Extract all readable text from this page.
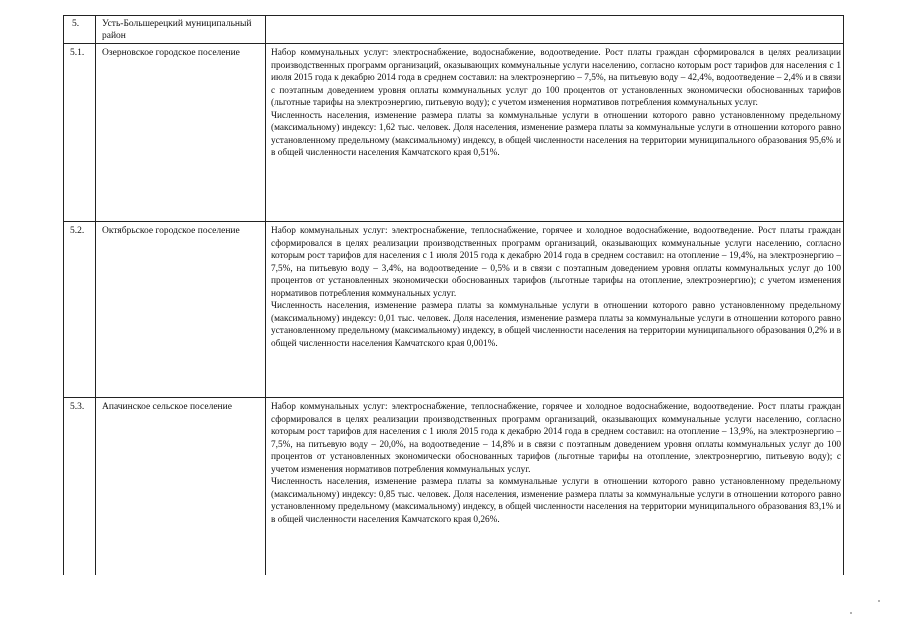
5. Усть-Большерецкий муниципальный район
5.1. Озерновское городское поселение	Набор коммунальных услуг: электроснабжение, водоснабжение, водоотведение. Рост платы граждан сформировался в целях реализации производственных программ организаций, оказывающих коммунальные услуги населению, согласно которым рост тарифов для населения с 1 июля 2015 года к декабрю 2014 года в среднем составил: на электроэнергию – 7,5%, на питьевую воду – 42,4%, водоотведение – 2,4% и в связи с поэтапным доведением уровня оплаты коммунальных услуг до 100 процентов от установленных экономически обоснованных тарифов (льготные тарифы на электроэнергию, питьевую воду); с учетом изменения нормативов потребления коммунальных услуг.

Численность населения, изменение размера платы за коммунальные услуги в отношении которого равно установленному предельному (максимальному) индексу: 1,62 тыс. человек. Доля населения, изменение размера платы за коммунальные услуги в отношении которого равно установленному предельному (максимальному) индексу, в общей численности населения на территории муниципального образования 95,6% и в общей численности населения Камчатского края 0,51%.

5.2. Октябрьское городское поселение	Набор коммунальных услуг: электроснабжение, теплоснабжение, горячее и холодное водоснабжение, водоотведение. Рост платы граждан сформировался в целях реализации производственных программ организаций, оказывающих коммунальные услуги населению, согласно которым рост тарифов для населения с 1 июля 2015 года к декабрю 2014 года в среднем составил: на отопление – 19,4%, на электроэнергию – 7,5%, на питьевую воду – 3,4%, на водоотведение – 0,5% и в связи с поэтапным доведением уровня оплаты коммунальных услуг до 100 процентов от установленных экономически обоснованных тарифов (льготные тарифы на отопление, электроэнергию); с учетом изменения нормативов потребления коммунальных услуг.

Численность населения, изменение размера платы за коммунальные услуги в отношении которого равно установленному предельному (максимальному) индексу: 0,01 тыс. человек. Доля населения, изменение размера платы за коммунальные услуги в отношении которого равно установленному предельному (максимальному) индексу, в общей численности населения на территории муниципального образования 0,2% и в общей численности населения Камчатского края 0,001%.

5.3. Апачинское сельское поселение	Набор коммунальных услуг: электроснабжение, теплоснабжение, горячее и холодное водоснабжение, водоотведение. Рост платы граждан сформировался в целях реализации производственных программ организаций, оказывающих коммунальные услуги населению, согласно которым рост тарифов для населения с 1 июля 2015 года к декабрю 2014 года в среднем составил: на отопление – 13,9%, на электроэнергию – 7,5%, на питьевую воду – 20,0%, на водоотведение – 14,8% и в связи с поэтапным доведением уровня оплаты коммунальных услуг до 100 процентов от установленных экономически обоснованных тарифов (льготные тарифы на отопление, электроэнергию, питьевую воду); с учетом изменения нормативов потребления коммунальных услуг.

Численность населения, изменение размера платы за коммунальные услуги в отношении которого равно установленному предельному (максимальному) индексу: 0,85 тыс. человек. Доля населения, изменение размера платы за коммунальные услуги в отношении которого равно установленному предельному (максимальному) индексу, в общей численности населения на территории муниципального образования 83,1% и в общей численности населения Камчатского края 0,26%.
